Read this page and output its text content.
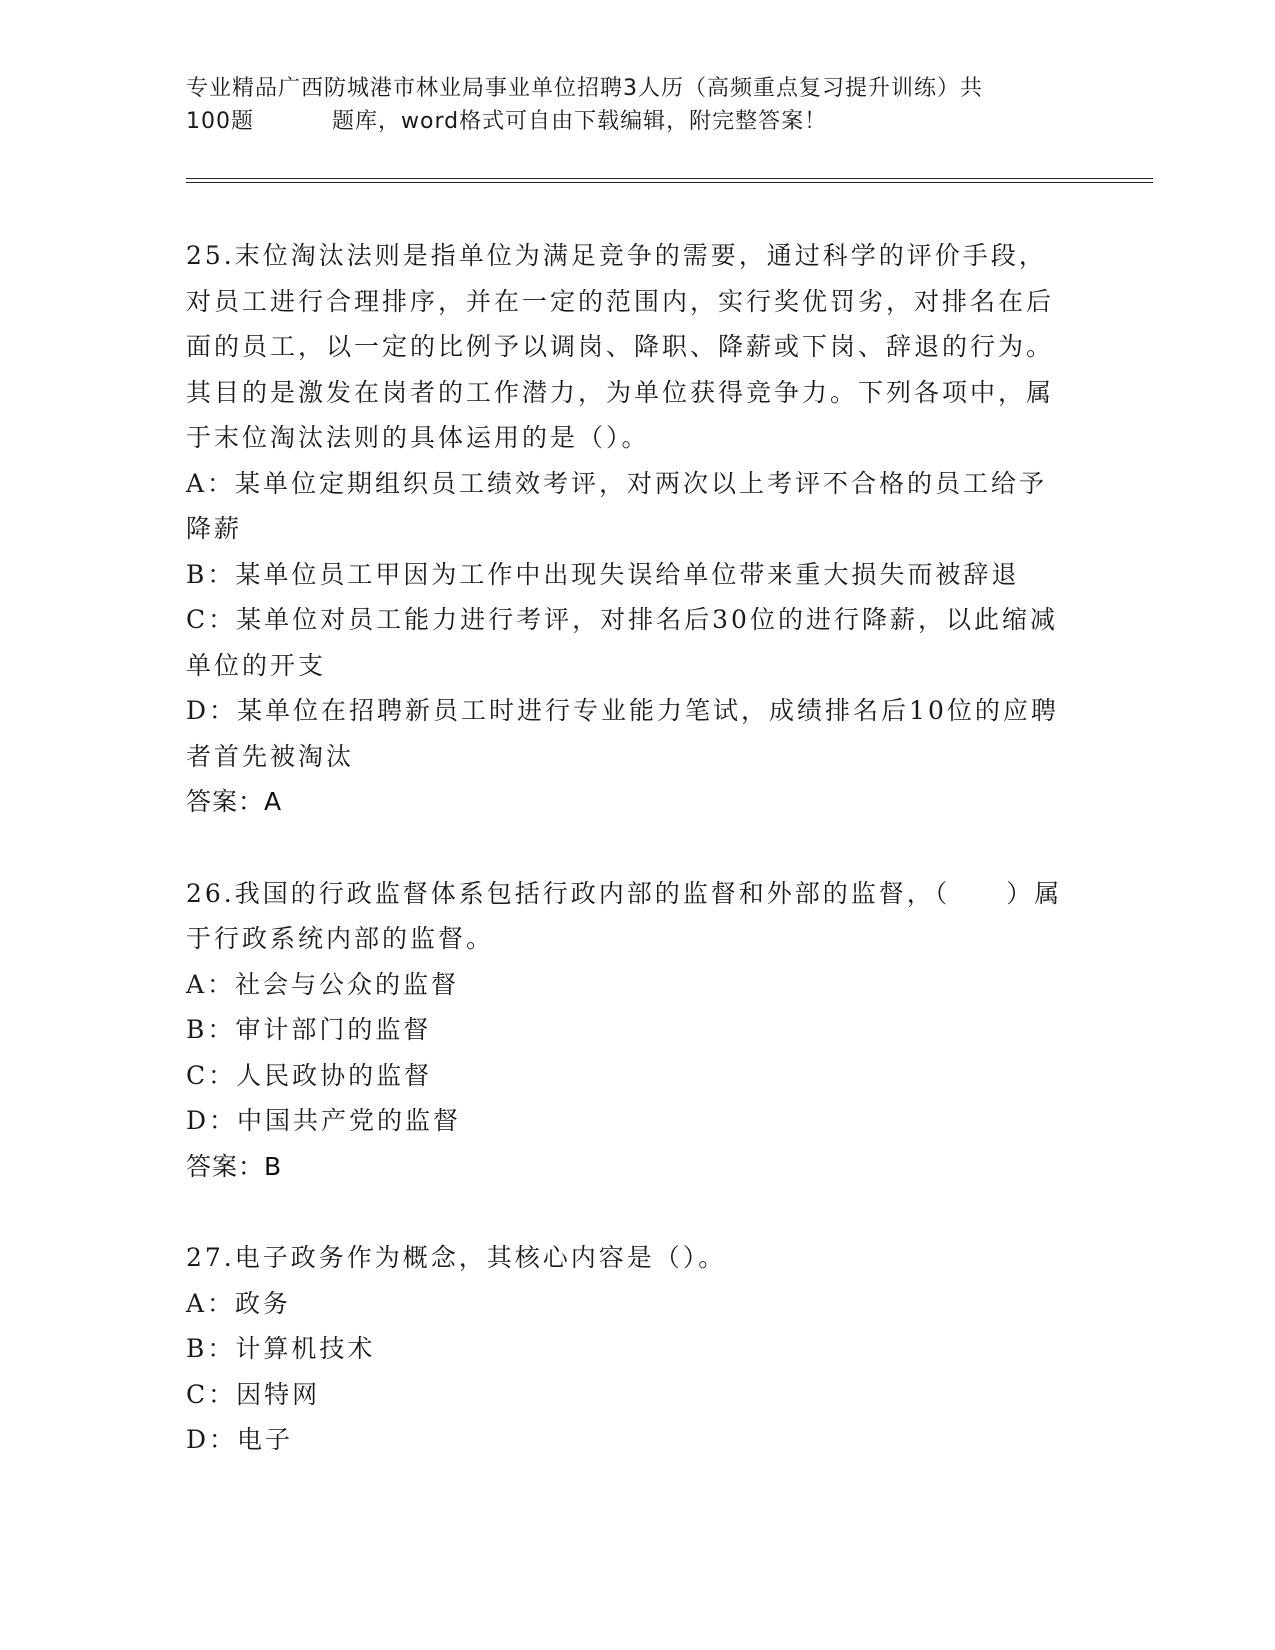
专业精品广西防城港市林业局事业单位招聘3人历（高频重点复习提升训练）共
100题	题库，word格式可自由下载编辑，附完整答案！
25.末位淘汰法则是指单位为满足竞争的需要，通过科学的评价手段，对员工进行合理排序，并在一定的范围内，实行奖优罚劣，对排名在后面的员工，以一定的比例予以调岗、降职、降薪或下岗、辞退的行为。其目的是激发在岗者的工作潜力，为单位获得竞争力。下列各项中，属于末位淘汰法则的具体运用的是（）。
A：某单位定期组织员工绩效考评，对两次以上考评不合格的员工给予降薪
B：某单位员工甲因为工作中出现失误给单位带来重大损失而被辞退
C：某单位对员工能力进行考评，对排名后30位的进行降薪，以此缩减单位的开支
D：某单位在招聘新员工时进行专业能力笔试，成绩排名后10位的应聘者首先被淘汰
答案：A
26.我国的行政监督体系包括行政内部的监督和外部的监督，（　　）属于行政系统内部的监督。
A：社会与公众的监督
B：审计部门的监督
C：人民政协的监督
D：中国共产党的监督
答案：B
27.电子政务作为概念，其核心内容是（）。
A：政务
B：计算机技术
C：因特网
D：电子
